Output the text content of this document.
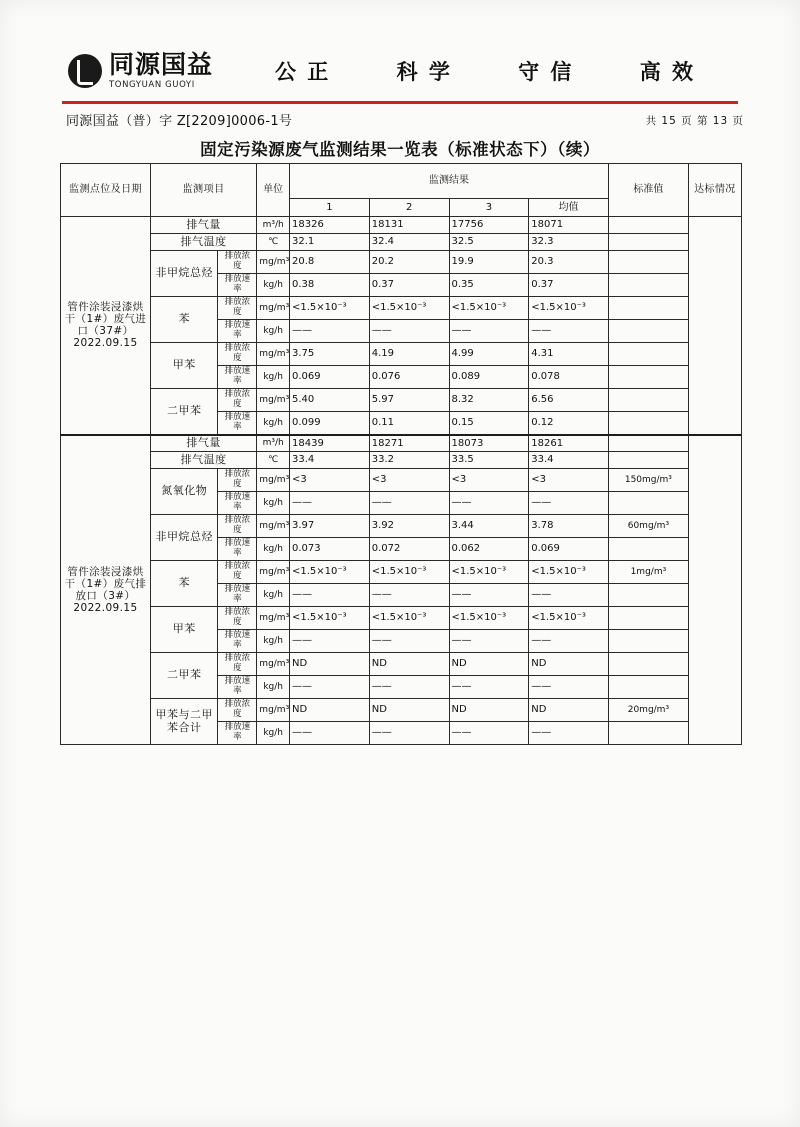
同源国益
TONGYUAN GUOYI
公 正	科 学	守 信	高 效
同源国益（普）字 Z[2209]0006-1号	共 15 页 第 13 页
固定污染源废气监测结果一览表（标准状态下）（续）
监测点位及日期	监测项目		单位	监测结果				标准值	达标情况
				1	2	3	均值		
管件涂装浸漆烘干（1#）废气进口（37#）2022.09.15	排气量		m³/h	18326	18131	17756	18071		
	排气温度		℃	32.1	32.4	32.5	32.3		
	非甲烷总烃	排放浓度	mg/m³	20.8	20.2	19.9	20.3		
		排放速率	kg/h	0.38	0.37	0.35	0.37		
	苯	排放浓度	mg/m³	<1.5×10⁻³	<1.5×10⁻³	<1.5×10⁻³	<1.5×10⁻³		
		排放速率	kg/h	——	——	——	——		
	甲苯	排放浓度	mg/m³	3.75	4.19	4.99	4.31		
		排放速率	kg/h	0.069	0.076	0.089	0.078		
	二甲苯	排放浓度	mg/m³	5.40	5.97	8.32	6.56		
		排放速率	kg/h	0.099	0.11	0.15	0.12		
管件涂装浸漆烘干（1#）废气排放口（3#）2022.09.15	排气量		m³/h	18439	18271	18073	18261		
	排气温度		℃	33.4	33.2	33.5	33.4		
	氮氧化物	排放浓度	mg/m³	<3	<3	<3	<3	150mg/m³	
		排放速率	kg/h	——	——	——	——		
	非甲烷总烃	排放浓度	mg/m³	3.97	3.92	3.44	3.78	60mg/m³	
		排放速率	kg/h	0.073	0.072	0.062	0.069		
	苯	排放浓度	mg/m³	<1.5×10⁻³	<1.5×10⁻³	<1.5×10⁻³	<1.5×10⁻³	1mg/m³	
		排放速率	kg/h	——	——	——	——		
	甲苯	排放浓度	mg/m³	<1.5×10⁻³	<1.5×10⁻³	<1.5×10⁻³	<1.5×10⁻³		
		排放速率	kg/h	——	——	——	——		
	二甲苯	排放浓度	mg/m³	ND	ND	ND	ND		
		排放速率	kg/h	——	——	——	——		
	甲苯与二甲苯合计	排放浓度	mg/m³	ND	ND	ND	ND	20mg/m³	
		排放速率	kg/h	——	——	——	——		
